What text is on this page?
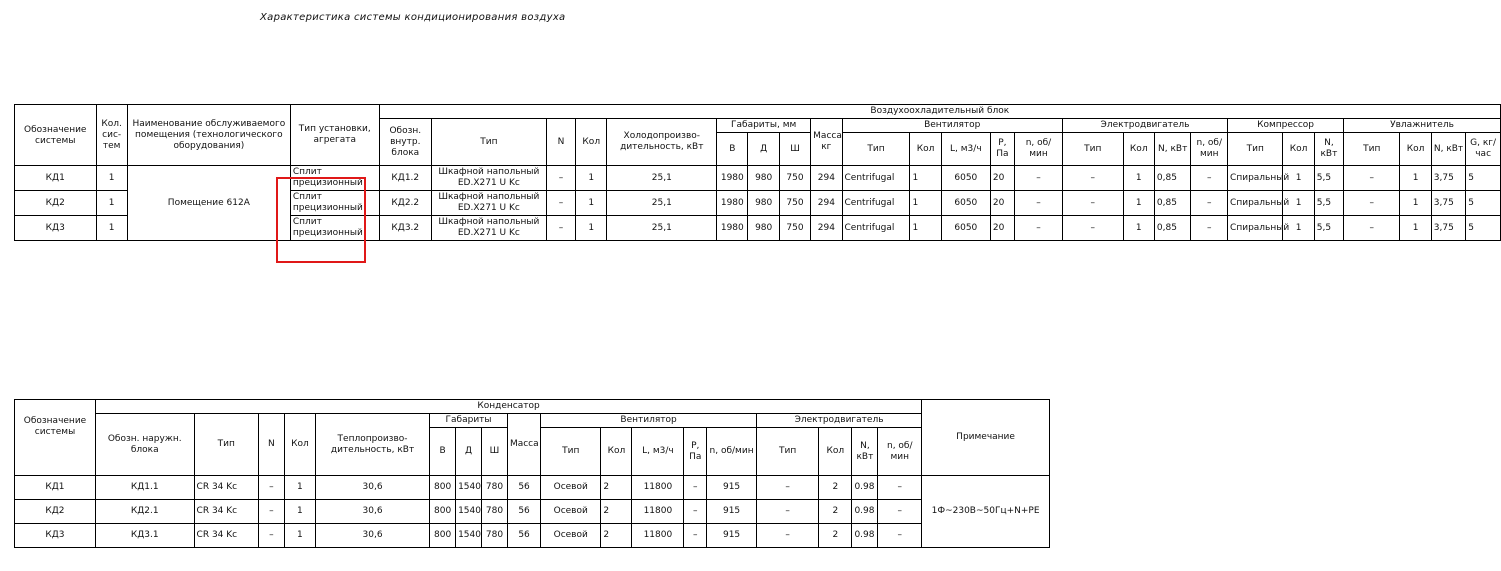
Характеристика системы кондиционирования воздуха
Обозначение системы	Кол. сис- тем	Наименование обслуживаемого помещения (технологического оборудования)	Тип установки, агрегата	Воздухоохладительный блок																								
				Обозн. внутр. блока	Тип	N	Кол	Холодопроизво- дительность, кВт	Габариты, мм			Масса кг	Вентилятор					Электродвигатель				Компрессор			Увлажнитель			
									В	Д	Ш		Тип	Кол	L, м3/ч	P, Па	n, об/мин	Тип	Кол	N, кВт	n, об/мин	Тип	Кол	N, кВт	Тип	Кол	N, кВт	G, кг/час
КД1	1	Помещение 612А	Сплит прецизионный	КД1.2	Шкафной напольный ED.X271 U Kc	–	1	25,1	1980	980	750	294	Centrifugal	1	6050	20	–	–	1	0,85	–	Спиральный	1	5,5	–	1	3,75	5
КД2	1		Сплит прецизионный	КД2.2	Шкафной напольный ED.X271 U Kc	–	1	25,1	1980	980	750	294	Centrifugal	1	6050	20	–	–	1	0,85	–	Спиральный	1	5,5	–	1	3,75	5
КД3	1		Сплит прецизионный	КД3.2	Шкафной напольный ED.X271 U Kc	–	1	25,1	1980	980	750	294	Centrifugal	1	6050	20	–	–	1	0,85	–	Спиральный	1	5,5	–	1	3,75	5
Обозначение системы	Конденсатор																		Примечание
	Обозн. наружн. блока	Тип	N	Кол	Теплопроизво- дительность, кВт	Габариты			Масса	Вентилятор					Электродвигатель				
						В	Д	Ш		Тип	Кол	L, м3/ч	P, Па	n, об/мин	Тип	Кол	N, кВт	n, об/мин	
КД1	КД1.1	CR 34 Kc	–	1	30,6	800	1540	780	56	Осевой	2	11800	–	915	–	2	0.98	–	1Ф~230В~50Гц+N+PE
КД2	КД2.1	CR 34 Kc	–	1	30,6	800	1540	780	56	Осевой	2	11800	–	915	–	2	0.98	–	
КД3	КД3.1	CR 34 Kc	–	1	30,6	800	1540	780	56	Осевой	2	11800	–	915	–	2	0.98	–	
